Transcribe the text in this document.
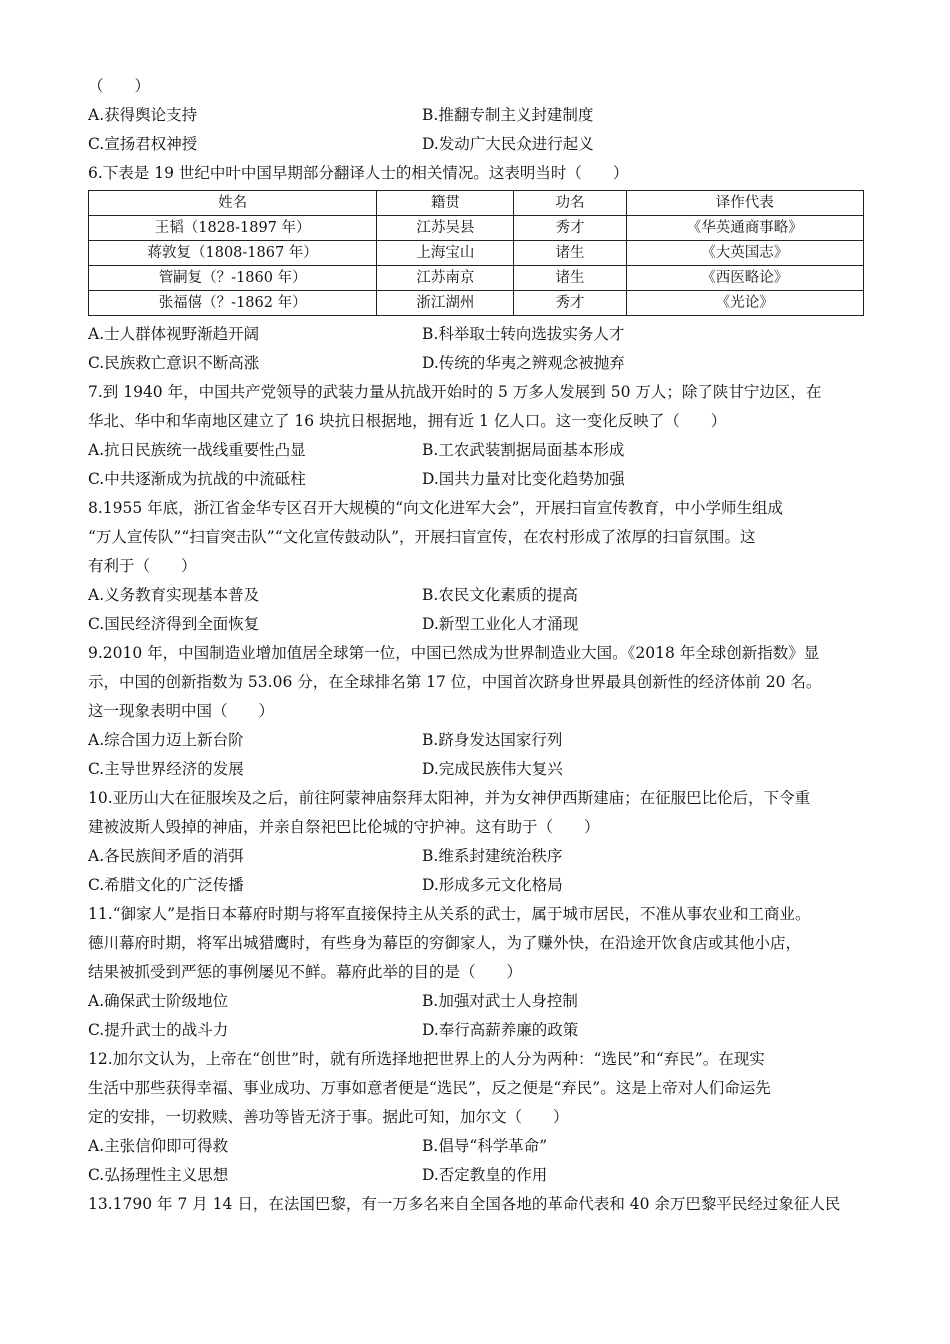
（　　）
A.获得舆论支持	B.推翻专制主义封建制度
C.宣扬君权神授	D.发动广大民众进行起义
6.下表是 19 世纪中叶中国早期部分翻译人士的相关情况。这表明当时（　　）
姓名	籍贯	功名	译作代表
王韬（1828-1897 年）	江苏吴县	秀才	《华英通商事略》
蒋敦复（1808-1867 年）	上海宝山	诸生	《大英国志》
管嗣复（？-1860 年）	江苏南京	诸生	《西医略论》
张福僖（？-1862 年）	浙江湖州	秀才	《光论》
A.士人群体视野渐趋开阔	B.科举取士转向选拔实务人才
C.民族救亡意识不断高涨	D.传统的华夷之辨观念被抛弃
7.到 1940 年，中国共产党领导的武装力量从抗战开始时的 5 万多人发展到 50 万人；除了陕甘宁边区，在
华北、华中和华南地区建立了 16 块抗日根据地，拥有近 1 亿人口。这一变化反映了（　　）
A.抗日民族统一战线重要性凸显	B.工农武装割据局面基本形成
C.中共逐渐成为抗战的中流砥柱	D.国共力量对比变化趋势加强
8.1955 年底，浙江省金华专区召开大规模的“向文化进军大会”，开展扫盲宣传教育，中小学师生组成
“万人宣传队”“扫盲突击队”“文化宣传鼓动队”，开展扫盲宣传，在农村形成了浓厚的扫盲氛围。这
有利于（　　）
A.义务教育实现基本普及	B.农民文化素质的提高
C.国民经济得到全面恢复	D.新型工业化人才涌现
9.2010 年，中国制造业增加值居全球第一位，中国已然成为世界制造业大国。《2018 年全球创新指数》显
示，中国的创新指数为 53.06 分，在全球排名第 17 位，中国首次跻身世界最具创新性的经济体前 20 名。
这一现象表明中国（　　）
A.综合国力迈上新台阶	B.跻身发达国家行列
C.主导世界经济的发展	D.完成民族伟大复兴
10.亚历山大在征服埃及之后，前往阿蒙神庙祭拜太阳神，并为女神伊西斯建庙；在征服巴比伦后，下令重
建被波斯人毁掉的神庙，并亲自祭祀巴比伦城的守护神。这有助于（　　）
A.各民族间矛盾的消弭	B.维系封建统治秩序
C.希腊文化的广泛传播	D.形成多元文化格局
11.“御家人”是指日本幕府时期与将军直接保持主从关系的武士，属于城市居民，不准从事农业和工商业。
德川幕府时期，将军出城猎鹰时，有些身为幕臣的穷御家人，为了赚外快，在沿途开饮食店或其他小店，
结果被抓受到严惩的事例屡见不鲜。幕府此举的目的是（　　）
A.确保武士阶级地位	B.加强对武士人身控制
C.提升武士的战斗力	D.奉行高薪养廉的政策
12.加尔文认为，上帝在“创世”时，就有所选择地把世界上的人分为两种：“选民”和“弃民”。在现实
生活中那些获得幸福、事业成功、万事如意者便是“选民”，反之便是“弃民”。这是上帝对人们命运先
定的安排，一切救赎、善功等皆无济于事。据此可知，加尔文（　　）
A.主张信仰即可得救	B.倡导“科学革命”
C.弘扬理性主义思想	D.否定教皇的作用
13.1790 年 7 月 14 日，在法国巴黎，有一万多名来自全国各地的革命代表和 40 余万巴黎平民经过象征人民
